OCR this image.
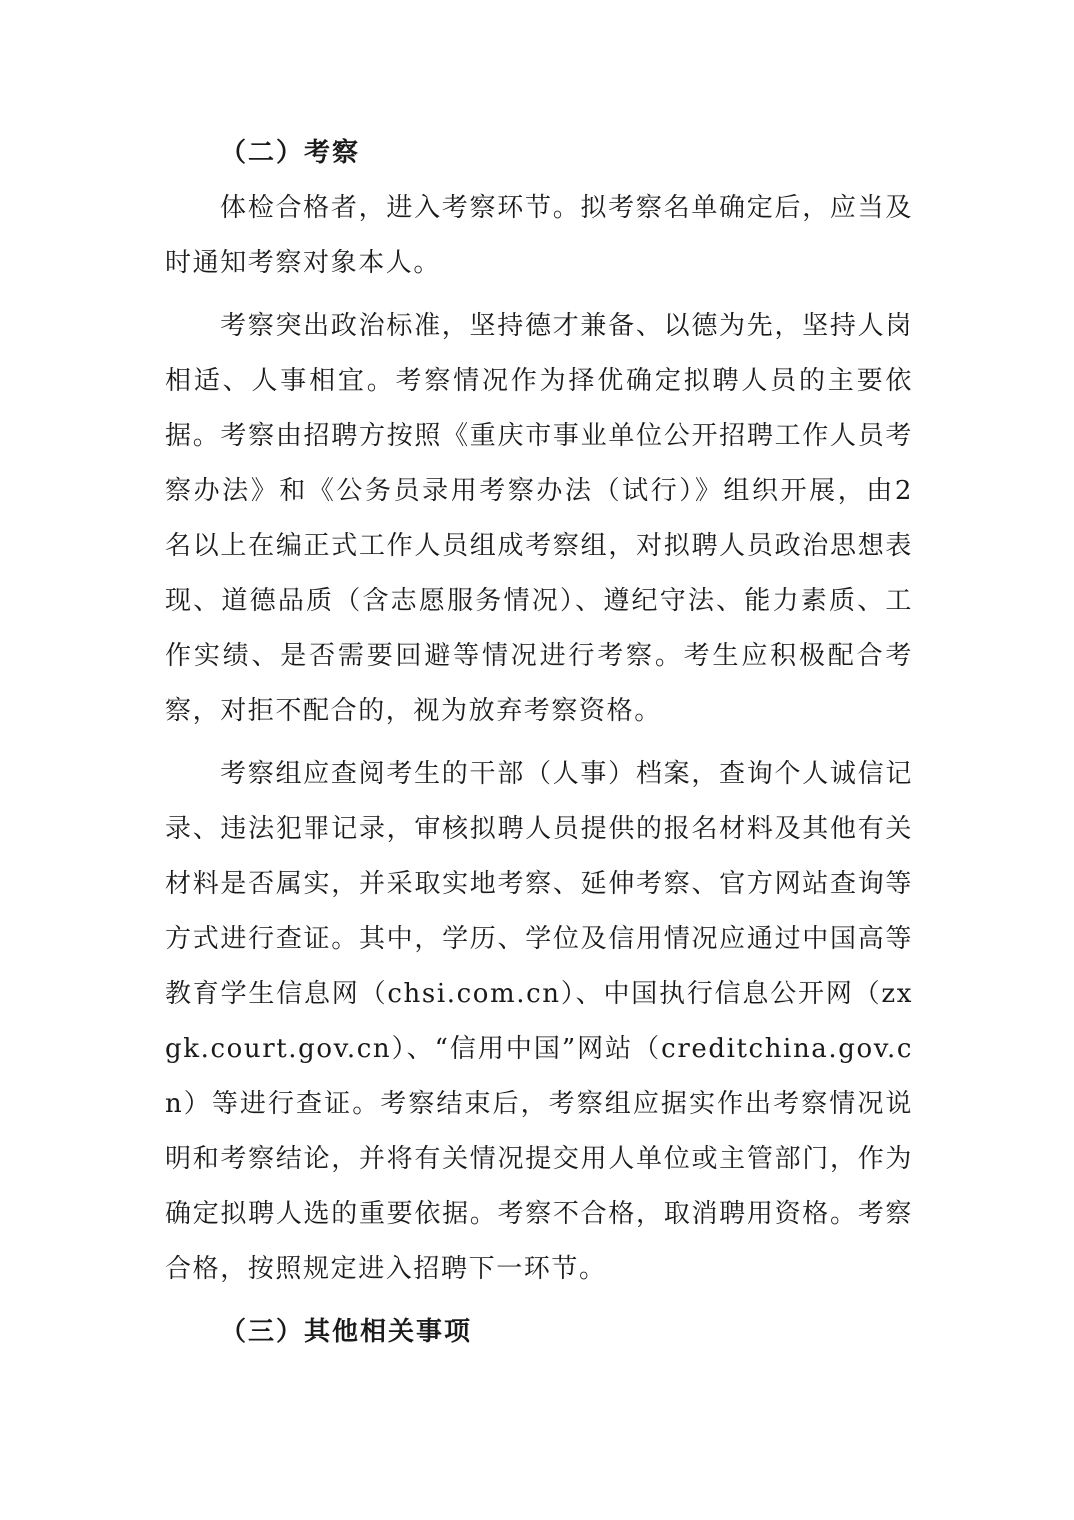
（二）考察

体检合格者，进入考察环节。拟考察名单确定后，应当及时通知考察对象本人。

考察突出政治标准，坚持德才兼备、以德为先，坚持人岗相适、人事相宜。考察情况作为择优确定拟聘人员的主要依据。考察由招聘方按照《重庆市事业单位公开招聘工作人员考察办法》和《公务员录用考察办法（试行）》组织开展，由2名以上在编正式工作人员组成考察组，对拟聘人员政治思想表现、道德品质（含志愿服务情况）、遵纪守法、能力素质、工作实绩、是否需要回避等情况进行考察。考生应积极配合考察，对拒不配合的，视为放弃考察资格。

考察组应查阅考生的干部（人事）档案，查询个人诚信记录、违法犯罪记录，审核拟聘人员提供的报名材料及其他有关材料是否属实，并采取实地考察、延伸考察、官方网站查询等方式进行查证。其中，学历、学位及信用情况应通过中国高等教育学生信息网（chsi.com.cn）、中国执行信息公开网（zxgk.court.gov.cn）、“信用中国”网站（creditchina.gov.cn）等进行查证。考察结束后，考察组应据实作出考察情况说明和考察结论，并将有关情况提交用人单位或主管部门，作为确定拟聘人选的重要依据。考察不合格，取消聘用资格。考察合格，按照规定进入招聘下一环节。

（三）其他相关事项
